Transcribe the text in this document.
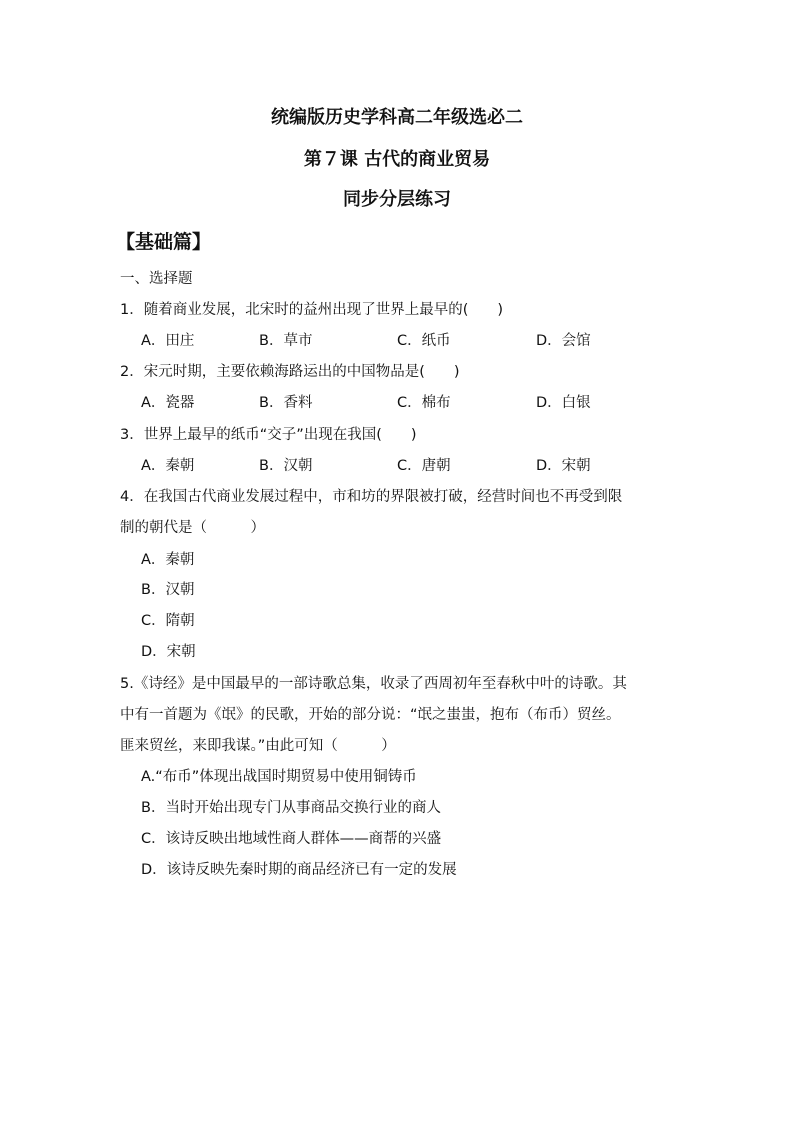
统编版历史学科高二年级选必二
第７课 古代的商业贸易
同步分层练习
【基础篇】
一、选择题
1．随着商业发展，北宋时的益州出现了世界上最早的(　　)
A．田庄	B．草市	C．纸币	D．会馆
2．宋元时期，主要依赖海路运出的中国物品是(　　)
A．瓷器	B．香料	C．棉布	D．白银
3．世界上最早的纸币“交子”出现在我国(　　)
A．秦朝	B．汉朝	C．唐朝	D．宋朝
4．在我国古代商业发展过程中，市和坊的界限被打破，经营时间也不再受到限
制的朝代是（　　　）
A．秦朝
B．汉朝
C．隋朝
D．宋朝
5.《诗经》是中国最早的一部诗歌总集，收录了西周初年至春秋中叶的诗歌。其
中有一首题为《氓》的民歌，开始的部分说：“氓之蚩蚩，抱布（布币）贸丝。
匪来贸丝，来即我谋。”由此可知（　　　）
A.“布币”体现出战国时期贸易中使用铜铸币
B．当时开始出现专门从事商品交换行业的商人
C．该诗反映出地域性商人群体——商帮的兴盛
D．该诗反映先秦时期的商品经济已有一定的发展
